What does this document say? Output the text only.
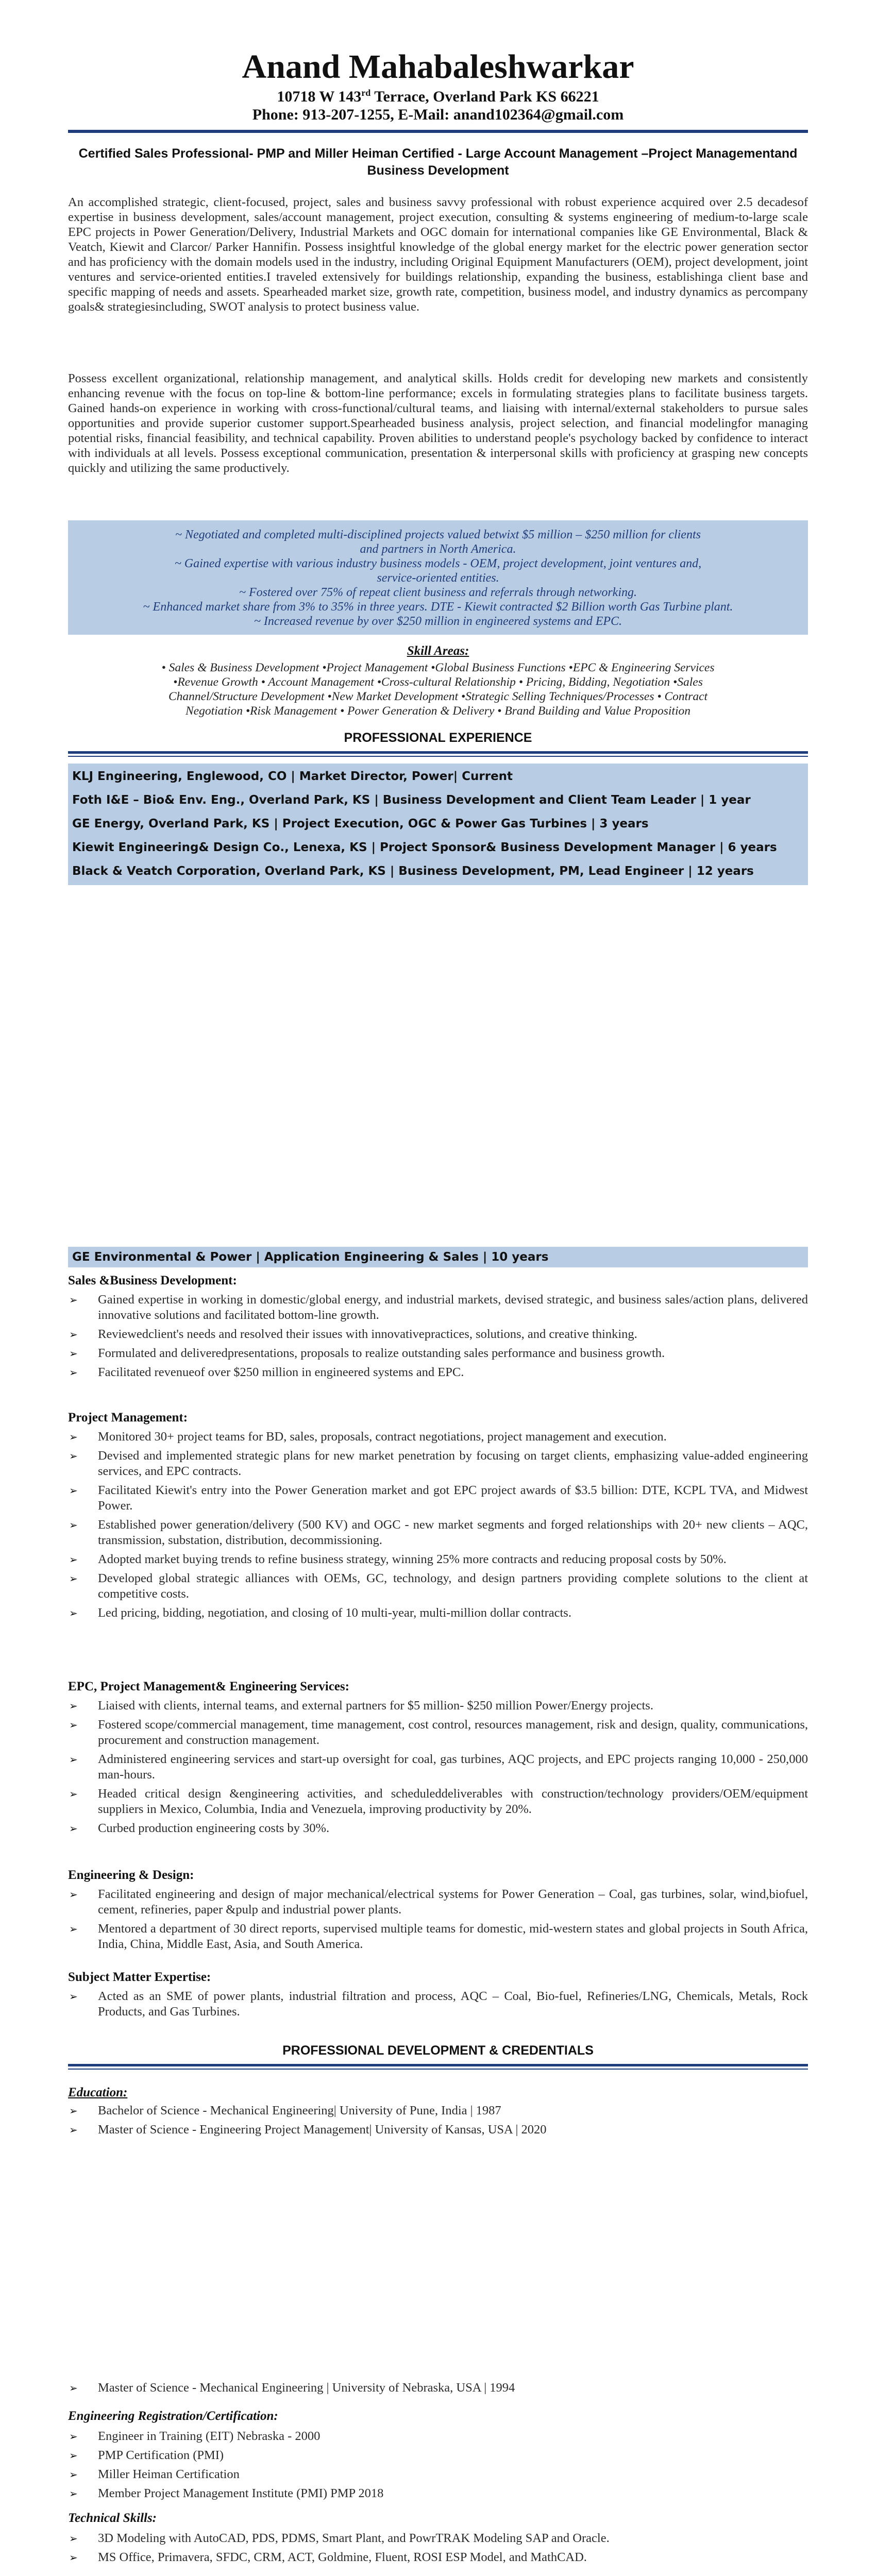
Anand Mahabaleshwarkar
10718 W 143rd Terrace, Overland Park KS 66221
Phone: 913-207-1255, E-Mail: anand102364@gmail.com
Certified Sales Professional- PMP and Miller Heiman Certified - Large Account Management –Project Managementand Business Development
An accomplished strategic, client-focused, project, sales and business savvy professional with robust experience acquired over 2.5 decadesof expertise in business development, sales/account management, project execution, consulting & systems engineering of medium-to-large scale EPC projects in Power Generation/Delivery, Industrial Markets and OGC domain for international companies like GE Environmental, Black & Veatch, Kiewit and Clarcor/ Parker Hannifin. Possess insightful knowledge of the global energy market for the electric power generation sector and has proficiency with the domain models used in the industry, including Original Equipment Manufacturers (OEM), project development, joint ventures and service-oriented entities.I traveled extensively for buildings relationship, expanding the business, establishinga client base and specific mapping of needs and assets. Spearheaded market size, growth rate, competition, business model, and industry dynamics as percompany goals& strategiesincluding, SWOT analysis to protect business value.
Possess excellent organizational, relationship management, and analytical skills. Holds credit for developing new markets and consistently enhancing revenue with the focus on top-line & bottom-line performance; excels in formulating strategies plans to facilitate business targets. Gained hands-on experience in working with cross-functional/cultural teams, and liaising with internal/external stakeholders to pursue sales opportunities and provide superior customer support.Spearheaded business analysis, project selection, and financial modelingfor managing potential risks, financial feasibility, and technical capability. Proven abilities to understand people's psychology backed by confidence to interact with individuals at all levels. Possess exceptional communication, presentation & interpersonal skills with proficiency at grasping new concepts quickly and utilizing the same productively.
~ Negotiated and completed multi-disciplined projects valued betwixt $5 million – $250 million for clients
and partners in North America.
~ Gained expertise with various industry business models - OEM, project development, joint ventures and,
service-oriented entities.
~ Fostered over 75% of repeat client business and referrals through networking.
~ Enhanced market share from 3% to 35% in three years. DTE - Kiewit contracted $2 Billion worth Gas Turbine plant.
~ Increased revenue by over $250 million in engineered systems and EPC.
Skill Areas:
• Sales & Business Development •Project Management •Global Business Functions •EPC & Engineering Services
•Revenue Growth • Account Management •Cross-cultural Relationship • Pricing, Bidding, Negotiation •Sales
Channel/Structure Development •New Market Development •Strategic Selling Techniques/Processes • Contract
Negotiation •Risk Management • Power Generation & Delivery • Brand Building and Value Proposition
PROFESSIONAL EXPERIENCE
KLJ Engineering, Englewood, CO | Market Director, Power| Current
Foth I&E – Bio& Env. Eng., Overland Park, KS | Business Development and Client Team Leader | 1 year
GE Energy, Overland Park, KS | Project Execution, OGC & Power Gas Turbines | 3 years
Kiewit Engineering& Design Co., Lenexa, KS | Project Sponsor& Business Development Manager | 6 years
Black & Veatch Corporation, Overland Park, KS | Business Development, PM, Lead Engineer | 12 years
GE Environmental & Power | Application Engineering & Sales | 10 years
Sales &Business Development:
➢ Gained expertise in working in domestic/global energy, and industrial markets, devised strategic, and business sales/action plans, delivered innovative solutions and facilitated bottom-line growth.
➢ Reviewedclient's needs and resolved their issues with innovativepractices, solutions, and creative thinking.
➢ Formulated and deliveredpresentations, proposals to realize outstanding sales performance and business growth.
➢ Facilitated revenueof over $250 million in engineered systems and EPC.
Project Management:
➢ Monitored 30+ project teams for BD, sales, proposals, contract negotiations, project management and execution.
➢ Devised and implemented strategic plans for new market penetration by focusing on target clients, emphasizing value-added engineering services, and EPC contracts.
➢ Facilitated Kiewit's entry into the Power Generation market and got EPC project awards of $3.5 billion: DTE, KCPL TVA, and Midwest Power.
➢ Established power generation/delivery (500 KV) and OGC - new market segments and forged relationships with 20+ new clients – AQC, transmission, substation, distribution, decommissioning.
➢ Adopted market buying trends to refine business strategy, winning 25% more contracts and reducing proposal costs by 50%.
➢ Developed global strategic alliances with OEMs, GC, technology, and design partners providing complete solutions to the client at competitive costs.
➢ Led pricing, bidding, negotiation, and closing of 10 multi-year, multi-million dollar contracts.
EPC, Project Management& Engineering Services:
➢ Liaised with clients, internal teams, and external partners for $5 million- $250 million Power/Energy projects.
➢ Fostered scope/commercial management, time management, cost control, resources management, risk and design, quality, communications, procurement and construction management.
➢ Administered engineering services and start-up oversight for coal, gas turbines, AQC projects, and EPC projects ranging 10,000 - 250,000 man-hours.
➢ Headed critical design &engineering activities, and scheduleddeliverables with construction/technology providers/OEM/equipment suppliers in Mexico, Columbia, India and Venezuela, improving productivity by 20%.
➢ Curbed production engineering costs by 30%.
Engineering & Design:
➢ Facilitated engineering and design of major mechanical/electrical systems for Power Generation – Coal, gas turbines, solar, wind,biofuel, cement, refineries, paper &pulp and industrial power plants.
➢ Mentored a department of 30 direct reports, supervised multiple teams for domestic, mid-western states and global projects in South Africa, India, China, Middle East, Asia, and South America.
Subject Matter Expertise:
➢ Acted as an SME of power plants, industrial filtration and process, AQC – Coal, Bio-fuel, Refineries/LNG, Chemicals, Metals, Rock Products, and Gas Turbines.
PROFESSIONAL DEVELOPMENT & CREDENTIALS
Education:
➢ Bachelor of Science - Mechanical Engineering| University of Pune, India | 1987
➢ Master of Science - Engineering Project Management| University of Kansas, USA | 2020
➢ Master of Science - Mechanical Engineering | University of Nebraska, USA | 1994
Engineering Registration/Certification:
➢ Engineer in Training (EIT) Nebraska - 2000
➢ PMP Certification (PMI)
➢ Miller Heiman Certification
➢ Member Project Management Institute (PMI) PMP 2018
Technical Skills:
➢ 3D Modeling with AutoCAD, PDS, PDMS, Smart Plant, and PowrTRAK Modeling SAP and Oracle.
➢ MS Office, Primavera, SFDC, CRM, ACT, Goldmine, Fluent, ROSI ESP Model, and MathCAD.
